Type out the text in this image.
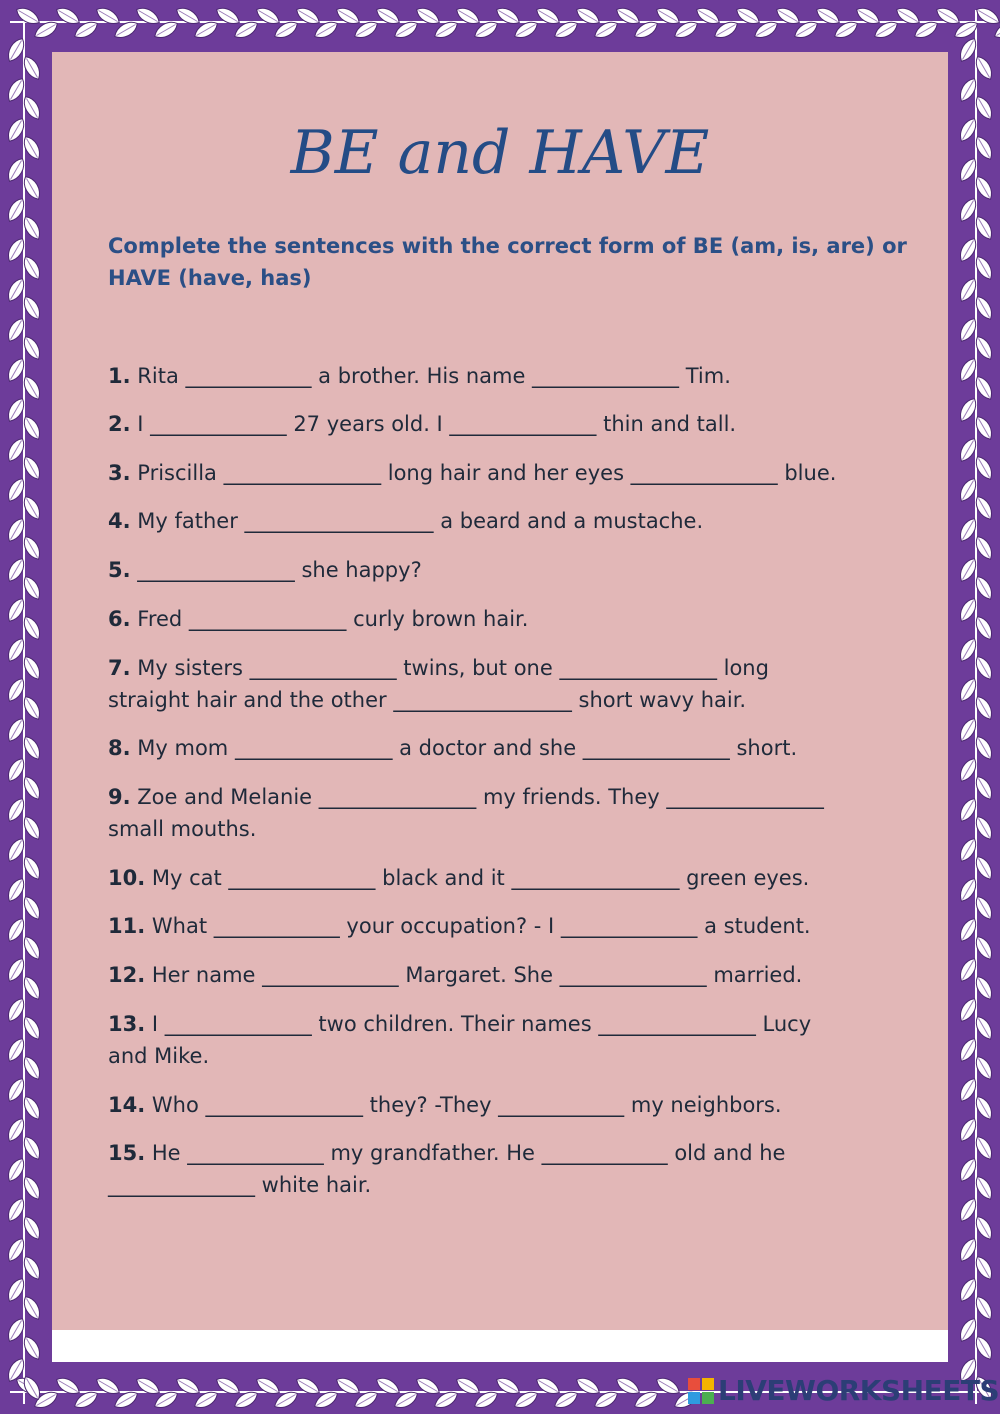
BE and HAVE
Complete the sentences with the correct form of BE (am, is, are) or HAVE (have, has)
1. Rita ____________ a brother. His name ______________ Tim.
2. I _____________ 27 years old. I ______________ thin and tall.
3. Priscilla _______________ long hair and her eyes ______________ blue.
4. My father __________________ a beard and a mustache.
5. _______________ she happy?
6. Fred _______________ curly brown hair.
7. My sisters ______________ twins, but one _______________ long
straight hair and the other _________________ short wavy hair.
8. My mom _______________ a doctor and she ______________ short.
9. Zoe and Melanie _______________ my friends. They _______________
small mouths.
10. My cat ______________ black and it ________________ green eyes.
11. What ____________ your occupation? - I _____________ a student.
12. Her name _____________ Margaret. She ______________ married.
13. I ______________ two children. Their names _______________ Lucy
and Mike.
14. Who _______________ they? -They ____________ my neighbors.
15. He _____________ my grandfather. He ____________ old and he
______________ white hair.
LIVEWORKSHEETS
